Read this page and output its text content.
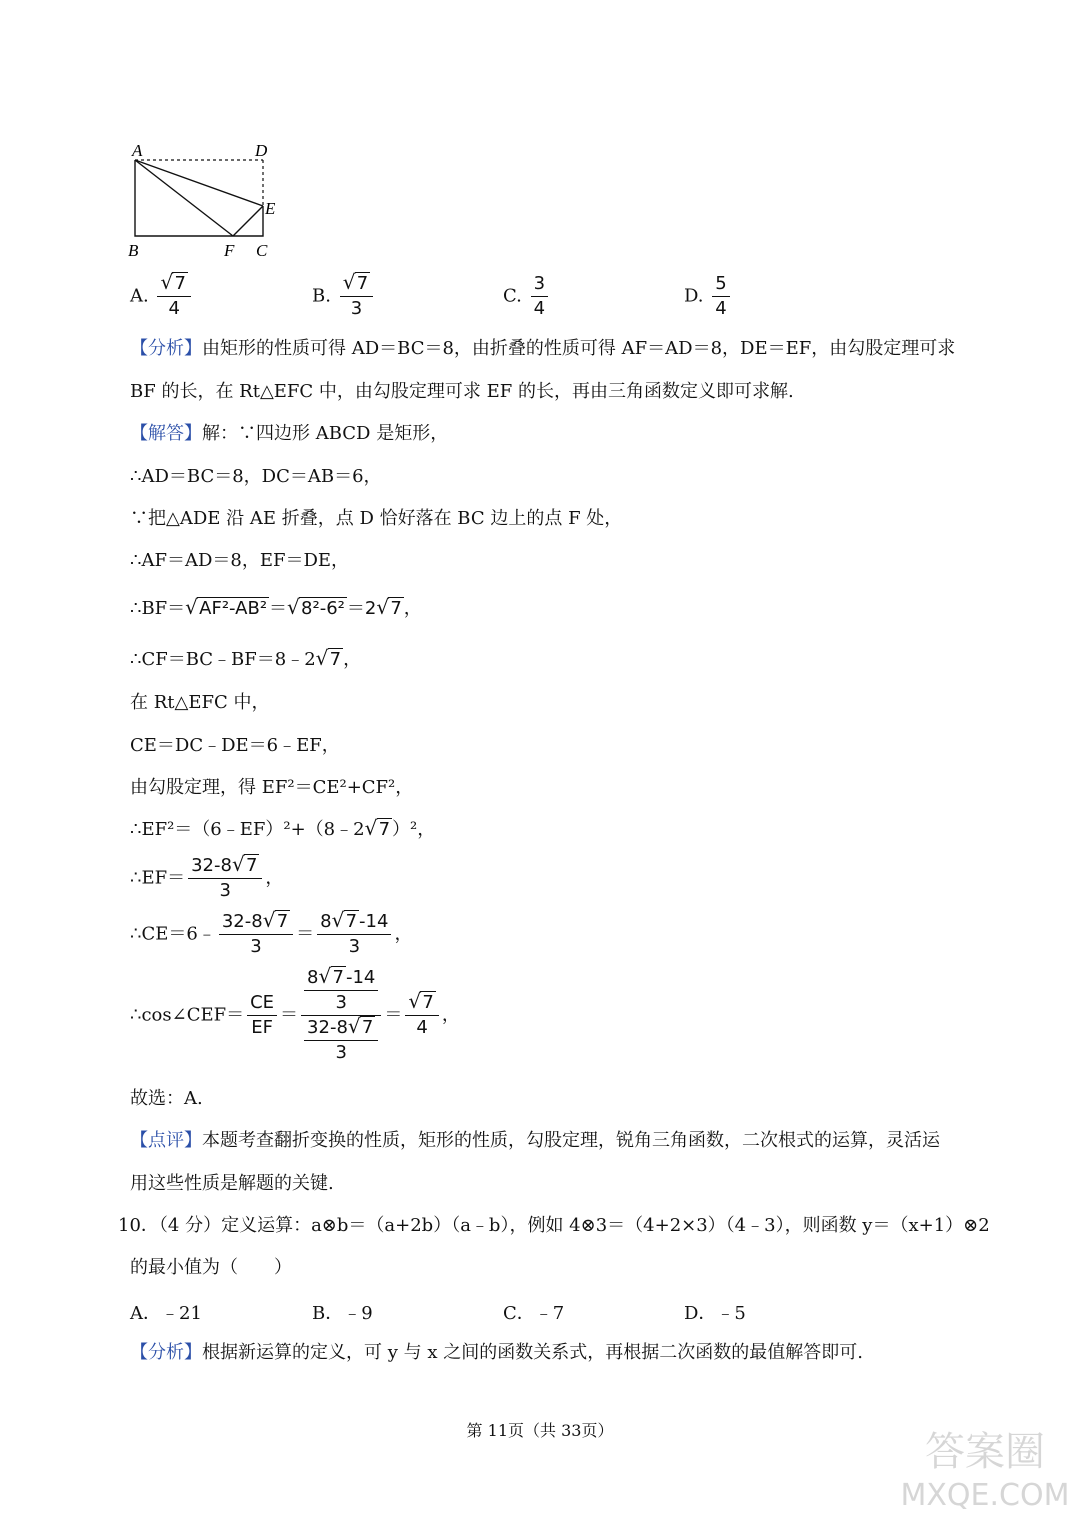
A	D
E
B	F C
A. $\frac{√ 7}{4}$	B. $\frac{√ 7}{3}$	C. $\frac{3}{4}$	D. $\frac{5}{4}$
【分析】由矩形的性质可得 AD＝BC＝8，由折叠的性质可得 AF＝AD＝8，DE＝EF，由勾股定理可求
BF 的长，在 Rt△EFC 中，由勾股定理可求 EF 的长，再由三角函数定义即可求解.
【解答】解：∵四边形 ABCD 是矩形，
∴AD＝BC＝8，DC＝AB＝6，
∵把△ADE 沿 AE 折叠，点 D 恰好落在 BC 边上的点 F 处，
∴AF＝AD＝8，EF＝DE，
∴BF＝ √ AF²-AB² ＝ √ 8²-6² ＝2 √ 7 ，
∴CF＝BC﹣BF＝8﹣2 √ 7 ，
在 Rt△EFC 中，
CE＝DC﹣DE＝6﹣EF，
由勾股定理，得 EF²＝CE²+CF²，
∴EF²＝（6﹣EF）²+（8﹣2 √ 7 ）²，
∴EF＝ $\frac{32-8 √ 7}{3}$ ，
∴CE＝6﹣ $\frac{32-8 √ 7}{3} = \frac{8 √ 7 -14}{3}$ ，
∴cos∠CEF＝ $\frac{CE}{EF} = \frac{\frac{8 √ 7 -14}{3}}{\frac{32-8 √ 7}{3}} = \frac{√ 7}{4}$ ，
故选：A.
【点评】本题考查翻折变换的性质，矩形的性质，勾股定理，锐角三角函数，二次根式的运算，灵活运
用这些性质是解题的关键.
10．（4 分）定义运算：a⊗b＝（a+2b）（a﹣b），例如 4⊗3＝（4+2×3）（4﹣3），则函数 y＝（x+1）⊗2
的最小值为（　　）
A．﹣21	B．﹣9	C．﹣7	D．﹣5
【分析】根据新运算的定义，可 y 与 x 之间的函数关系式，再根据二次函数的最值解答即可.
第 11页（共 33页）	答案圈
MXQE.COM
